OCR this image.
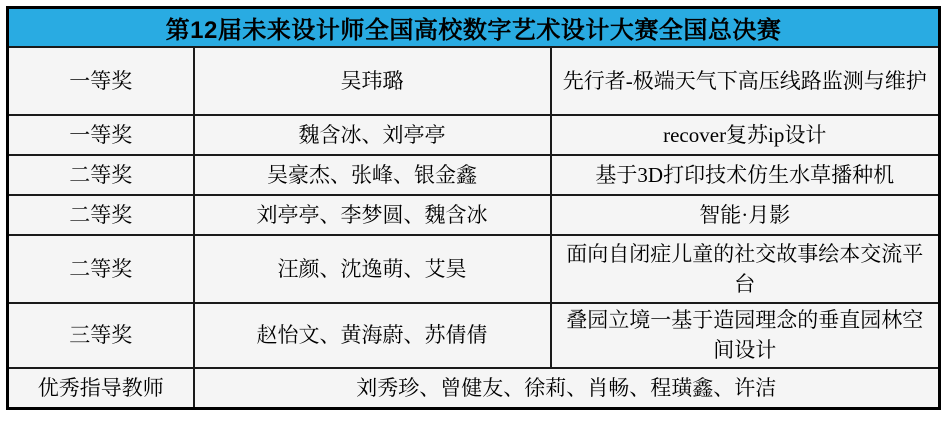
第12届未来设计师全国高校数字艺术设计大赛全国总决赛		
一等奖	吴玮璐	先行者-极端天气下高压线路监测与维护
一等奖	魏含冰、刘亭亭	recover复苏ip设计
二等奖	吴豪杰、张峰、银金鑫	基于3D打印技术仿生水草播种机
二等奖	刘亭亭、李梦圆、魏含冰	智能·月影
二等奖	汪颜、沈逸萌、艾昊	面向自闭症儿童的社交故事绘本交流平台
三等奖	赵怡文、黄海蔚、苏倩倩	叠园立境一基于造园理念的垂直园林空间设计
优秀指导教师	刘秀珍、曾健友、徐莉、肖畅、程璜鑫、许洁	
